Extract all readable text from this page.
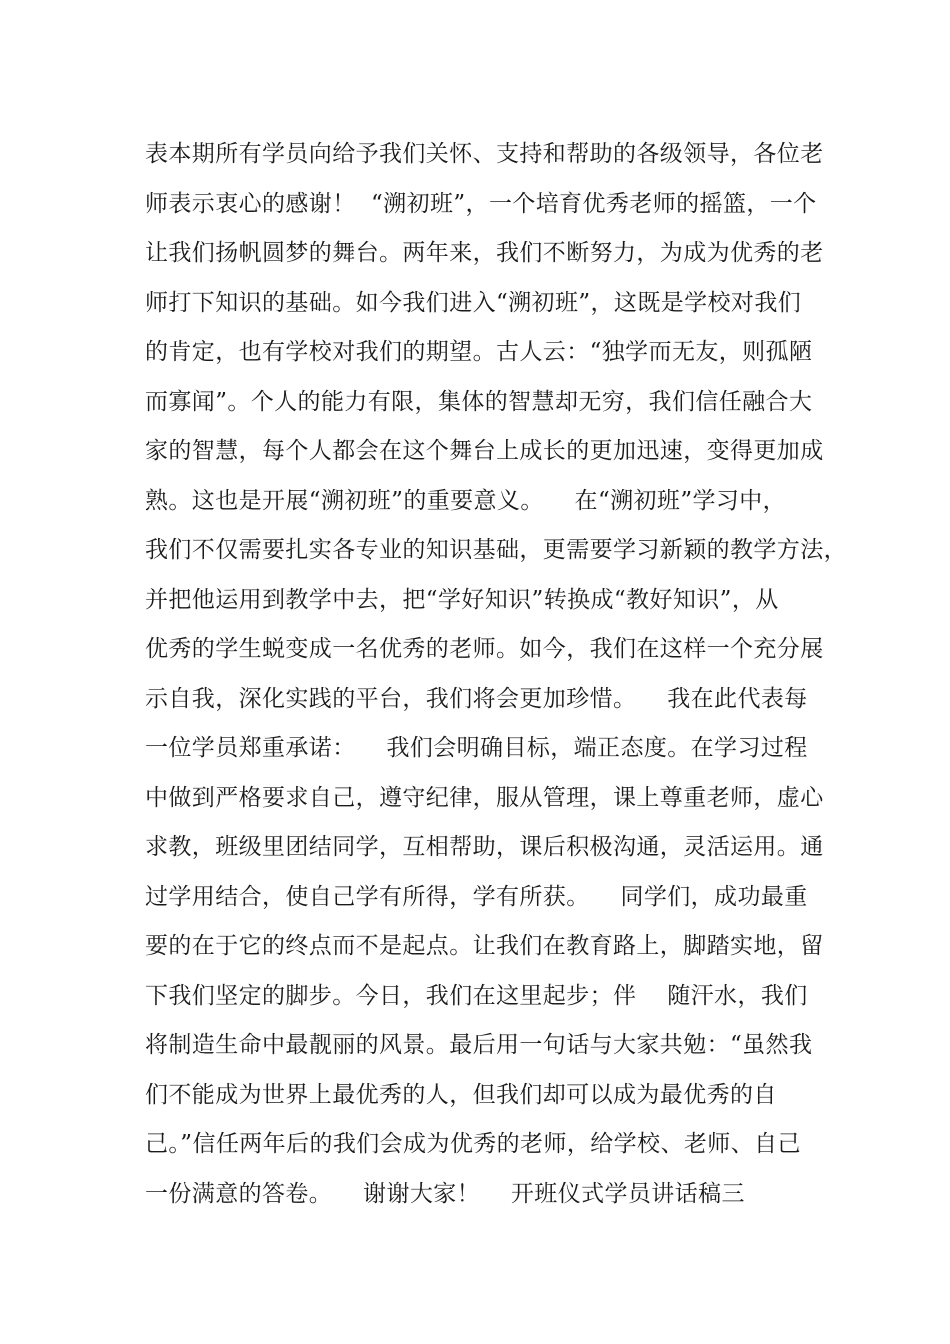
表本期所有学员向给予我们关怀、支持和帮助的各级领导，各位老
师表示衷心的感谢！  “溯初班”，一个培育优秀老师的摇篮，一个
让我们扬帆圆梦的舞台。两年来，我们不断努力，为成为优秀的老
师打下知识的基础。如今我们进入“溯初班”，这既是学校对我们
的肯定，也有学校对我们的期望。古人云：“独学而无友，则孤陋
而寡闻”。个人的能力有限，集体的智慧却无穷，我们信任融合大
家的智慧，每个人都会在这个舞台上成长的更加迅速，变得更加成
熟。这也是开展“溯初班”的重要意义。    在“溯初班”学习中，
我们不仅需要扎实各专业的知识基础，更需要学习新颖的教学方法，
并把他运用到教学中去，把“学好知识”转换成“教好知识”，从
优秀的学生蜕变成一名优秀的老师。如今，我们在这样一个充分展
示自我，深化实践的平台，我们将会更加珍惜。    我在此代表每
一位学员郑重承诺：    我们会明确目标，端正态度。在学习过程
中做到严格要求自己，遵守纪律，服从管理，课上尊重老师，虚心
求教，班级里团结同学，互相帮助，课后积极沟通，灵活运用。通
过学用结合，使自己学有所得，学有所获。    同学们，成功最重
要的在于它的终点而不是起点。让我们在教育路上，脚踏实地，留
下我们坚定的脚步。今日，我们在这里起步；伴    随汗水，我们
将制造生命中最靓丽的风景。最后用一句话与大家共勉：“虽然我
们不能成为世界上最优秀的人，但我们却可以成为最优秀的自
己。”信任两年后的我们会成为优秀的老师，给学校、老师、自己
一份满意的答卷。    谢谢大家！    开班仪式学员讲话稿三
